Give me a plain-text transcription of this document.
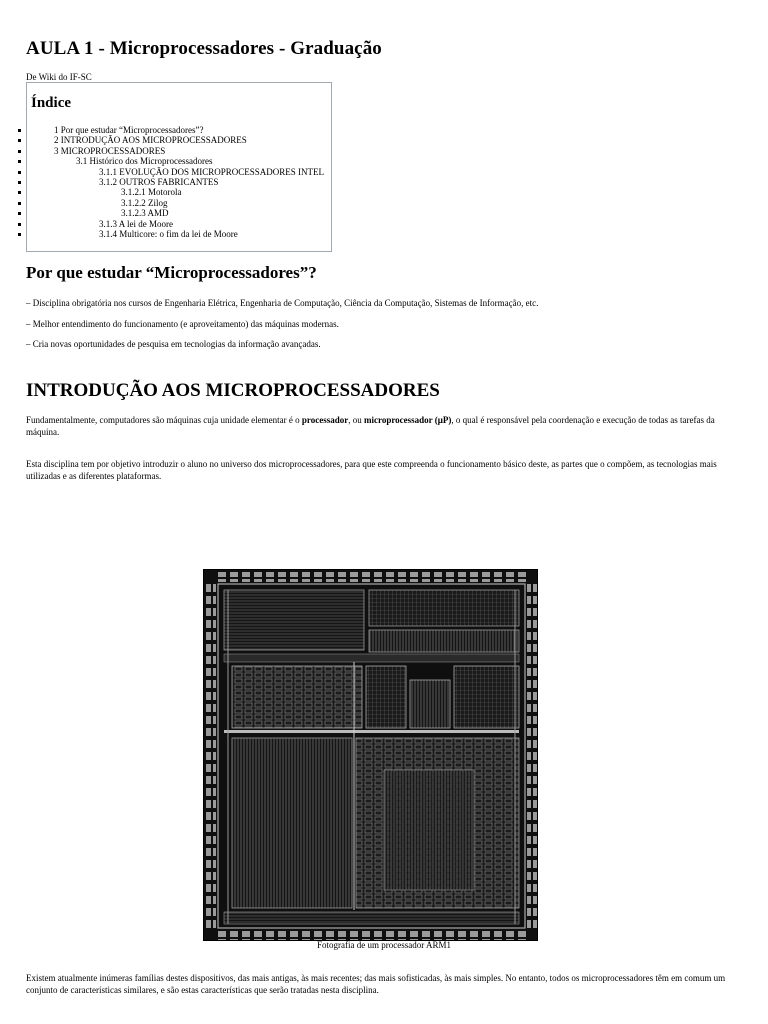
AULA 1 - Microprocessadores - Graduação
De Wiki do IF-SC
Índice
1 Por que estudar “Microprocessadores”?
2 INTRODUÇÃO AOS MICROPROCESSADORES
3 MICROPROCESSADORES
3.1 Histórico dos Microprocessadores
3.1.1 EVOLUÇÃO DOS MICROPROCESSADORES INTEL
3.1.2 OUTROS FABRICANTES
3.1.2.1 Motorola
3.1.2.2 Zilog
3.1.2.3 AMD
3.1.3 A lei de Moore
3.1.4 Multicore: o fim da lei de Moore
Por que estudar “Microprocessadores”?

– Disciplina obrigatória nos cursos de Engenharia Elétrica, Engenharia de Computação, Ciência da Computação, Sistemas de Informação, etc.

– Melhor entendimento do funcionamento (e aproveitamento) das máquinas modernas.

– Cria novas oportunidades de pesquisa em tecnologias da informação avançadas.

INTRODUÇÃO AOS MICROPROCESSADORES

Fundamentalmente, computadores são máquinas cuja unidade elementar é o processador, ou microprocessador (μP), o qual é responsável pela coordenação e execução de todas as tarefas da máquina.

Esta disciplina tem por objetivo introduzir o aluno no universo dos microprocessadores, para que este compreenda o funcionamento básico deste, as partes que o compõem, as tecnologias mais utilizadas e as diferentes plataformas.

Fotografia de um processador ARM1

Existem atualmente inúmeras famílias destes dispositivos, das mais antigas, às mais recentes; das mais sofisticadas, às mais simples. No entanto, todos os microprocessadores têm em comum um conjunto de características similares, e são estas características que serão tratadas nesta disciplina.
